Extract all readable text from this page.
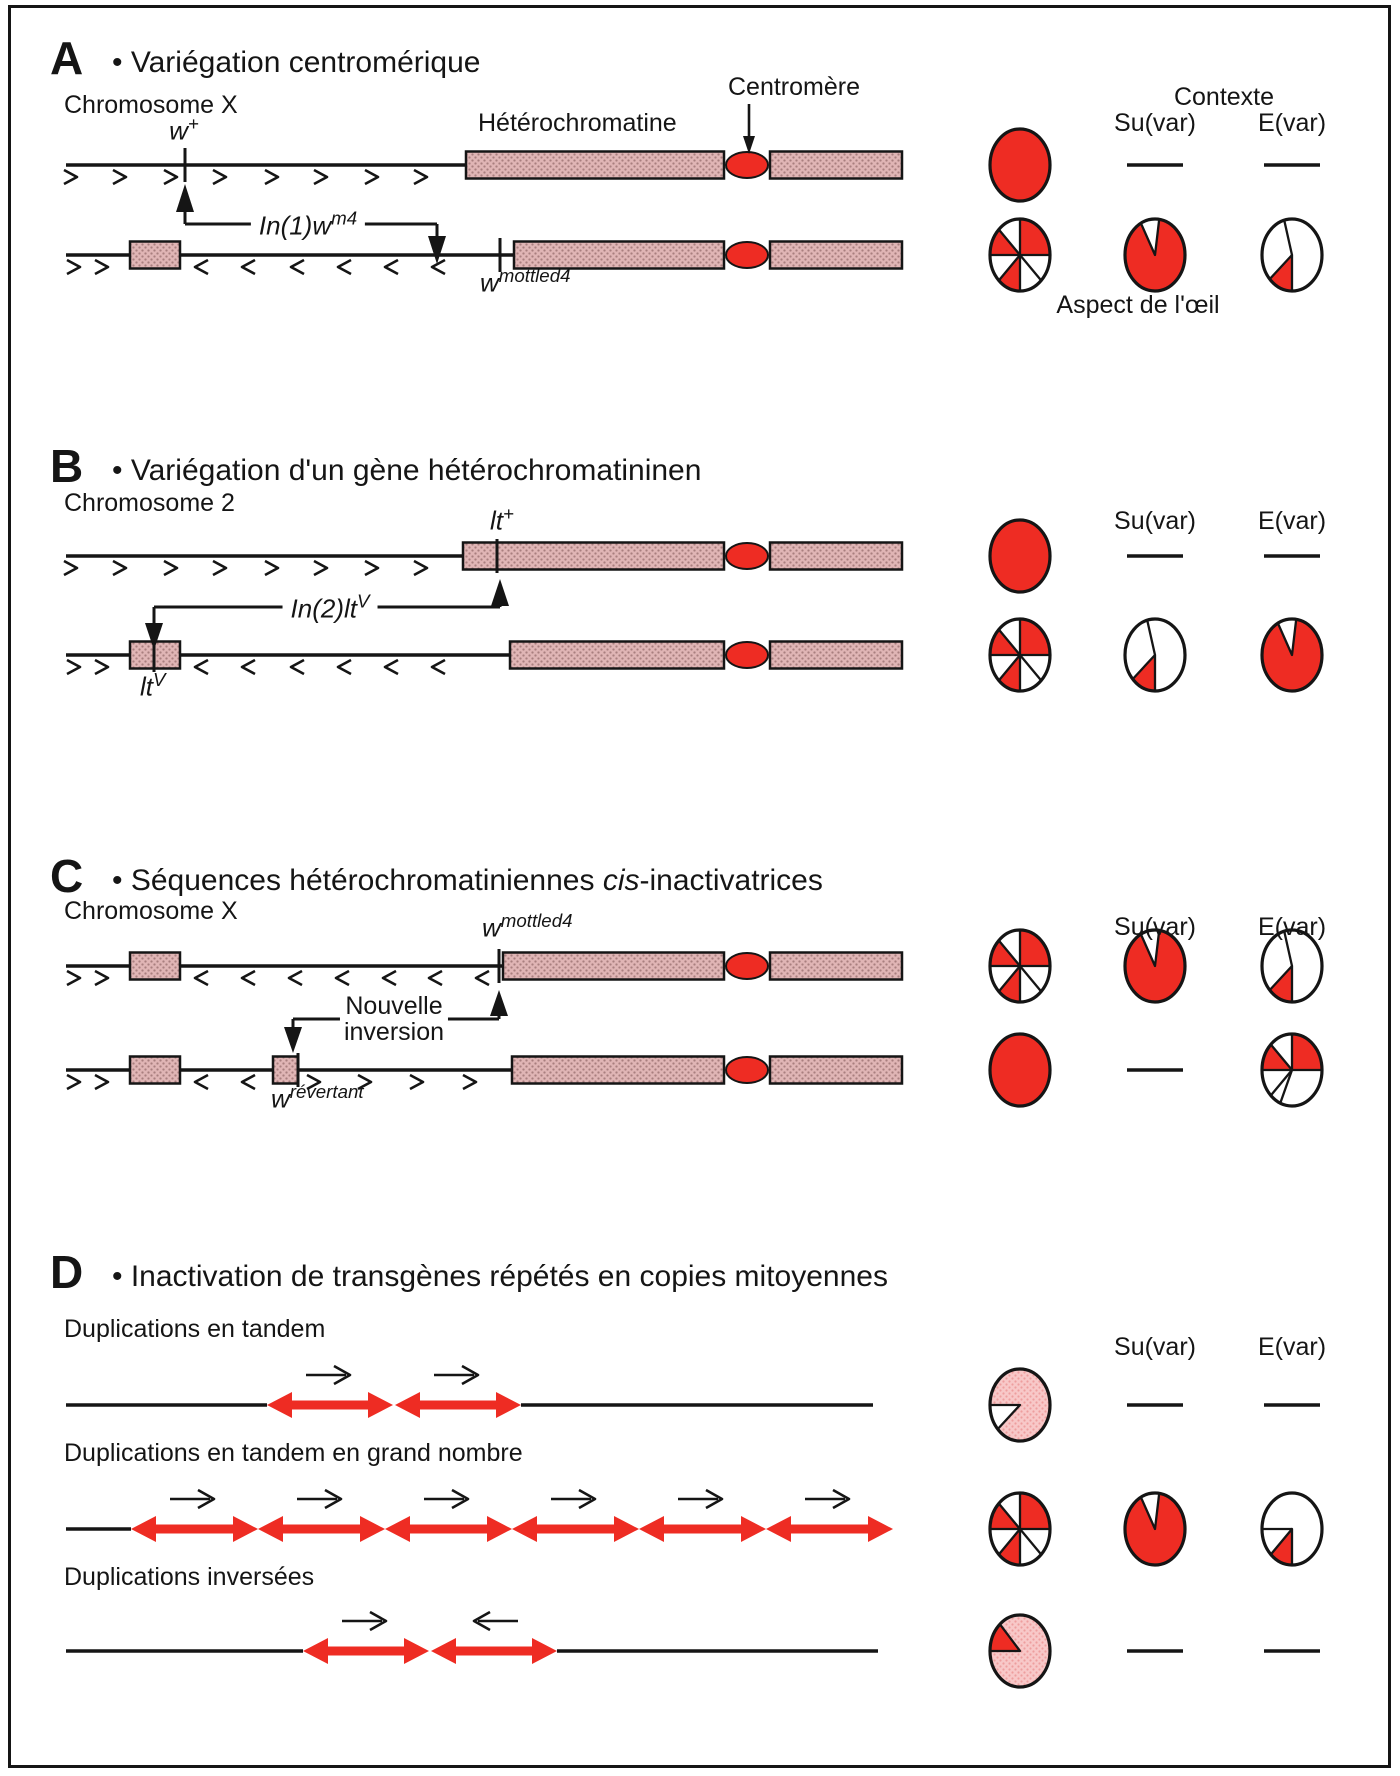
A • Variégation centromérique
Chromosome X
w+	Hétérochromatine
Centromère	Contexte
Su(var) E(var)
$In(1)w^{m4}$
$w^{mottled4}$
Aspect de l'œil
B • Variégation d'un gène hétérochromatininen
Chromosome 2
lt+	Su(var) E(var)
$In(2)lt^V$
$lt^V$
C • Séquences hétérochromatiniennes cis-inactivatrices
Chromosome X
$w^{mottled4}$	Su(var) E(var)
Nouvelle
inversion
$w^{révertant}$
D • Inactivation de transgènes répétés en copies mitoyennes
Su(var) E(var)
Duplications en tandem
Duplications en tandem en grand nombre
Duplications inversées
